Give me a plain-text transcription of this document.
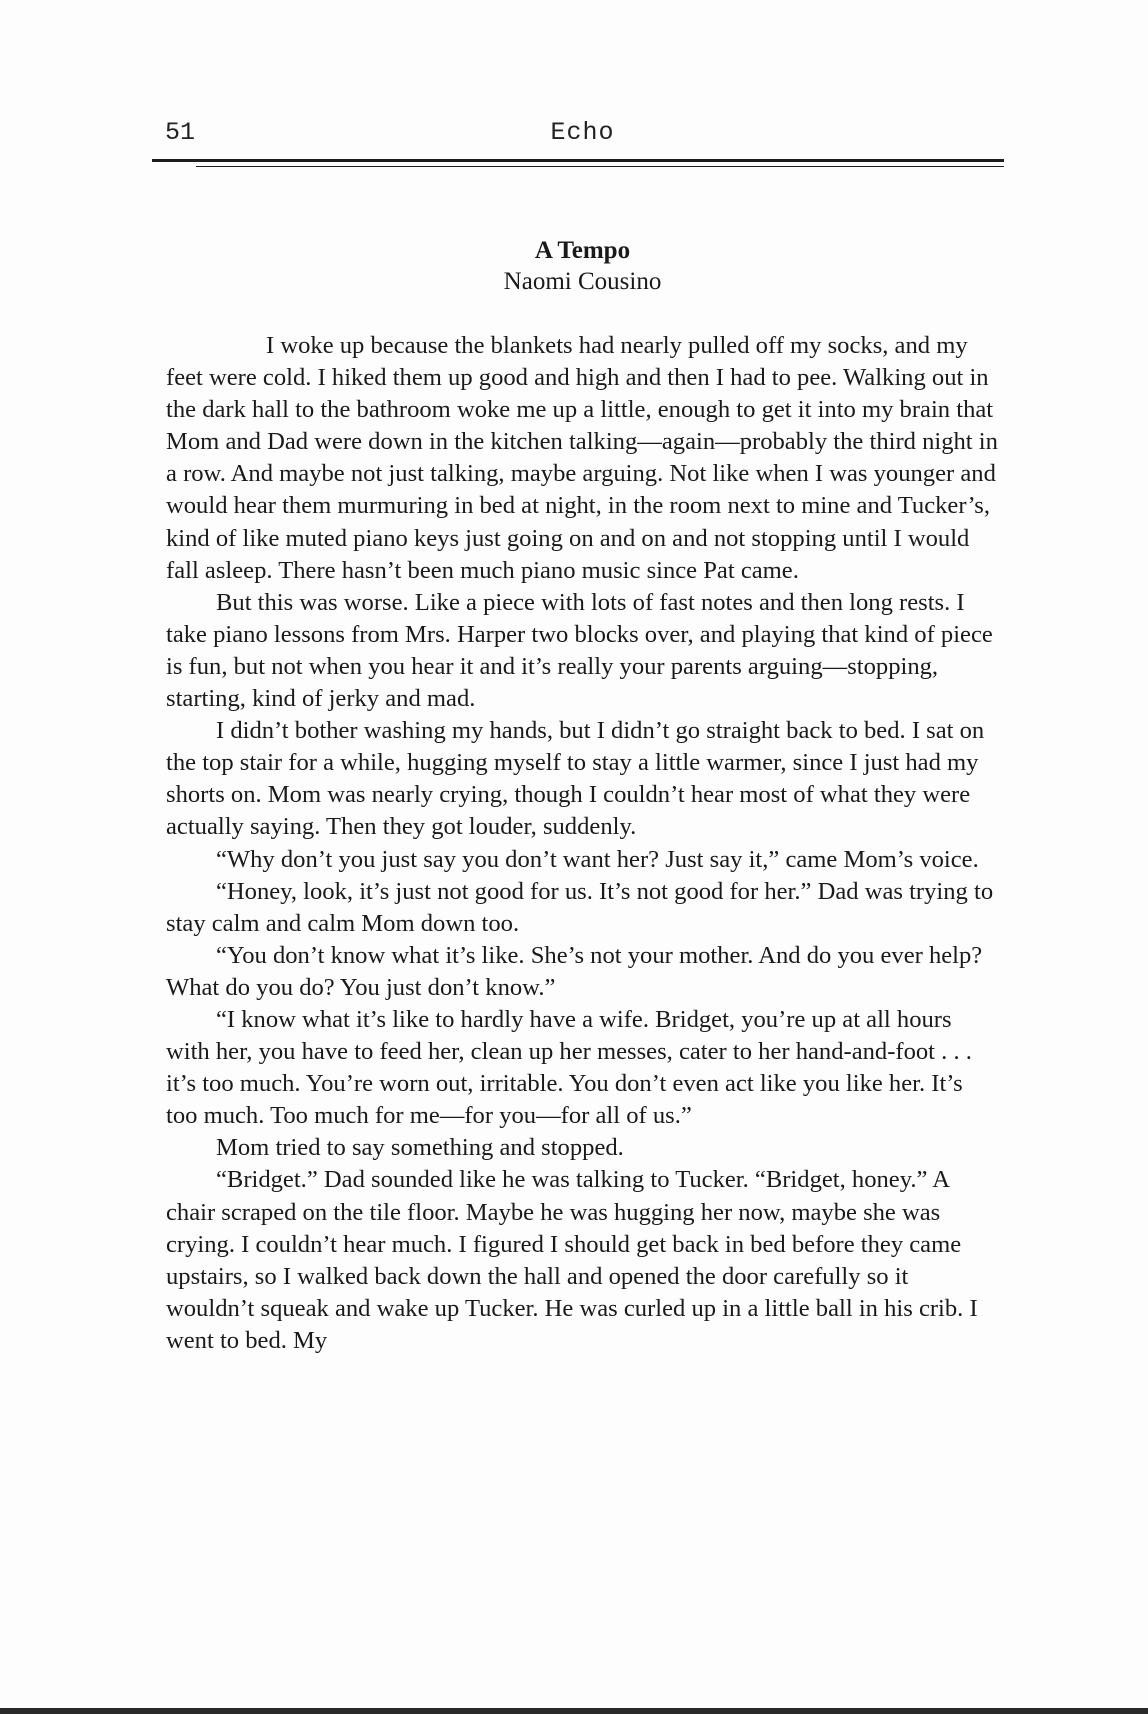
51	Echo

A Tempo

Naomi Cousino

I woke up because the blankets had nearly pulled off my socks, and my feet were cold. I hiked them up good and high and then I had to pee. Walking out in the dark hall to the bathroom woke me up a little, enough to get it into my brain that Mom and Dad were down in the kitchen talking—again—probably the third night in a row. And maybe not just talking, maybe arguing. Not like when I was younger and would hear them murmuring in bed at night, in the room next to mine and Tucker’s, kind of like muted piano keys just going on and on and not stopping until I would fall asleep. There hasn’t been much piano music since Pat came.

But this was worse. Like a piece with lots of fast notes and then long rests. I take piano lessons from Mrs. Harper two blocks over, and playing that kind of piece is fun, but not when you hear it and it’s really your parents arguing—stopping, starting, kind of jerky and mad.

I didn’t bother washing my hands, but I didn’t go straight back to bed. I sat on the top stair for a while, hugging myself to stay a little warmer, since I just had my shorts on. Mom was nearly crying, though I couldn’t hear most of what they were actually saying. Then they got louder, suddenly.

“Why don’t you just say you don’t want her? Just say it,” came Mom’s voice.

“Honey, look, it’s just not good for us. It’s not good for her.” Dad was trying to stay calm and calm Mom down too.

“You don’t know what it’s like. She’s not your mother. And do you ever help? What do you do? You just don’t know.”

“I know what it’s like to hardly have a wife. Bridget, you’re up at all hours with her, you have to feed her, clean up her messes, cater to her hand-and-foot . . . it’s too much. You’re worn out, irritable. You don’t even act like you like her. It’s too much. Too much for me—for you—for all of us.”

Mom tried to say something and stopped.

“Bridget.” Dad sounded like he was talking to Tucker. “Bridget, honey.” A chair scraped on the tile floor. Maybe he was hugging her now, maybe she was crying. I couldn’t hear much. I figured I should get back in bed before they came upstairs, so I walked back down the hall and opened the door carefully so it wouldn’t squeak and wake up Tucker. He was curled up in a little ball in his crib. I went to bed. My
